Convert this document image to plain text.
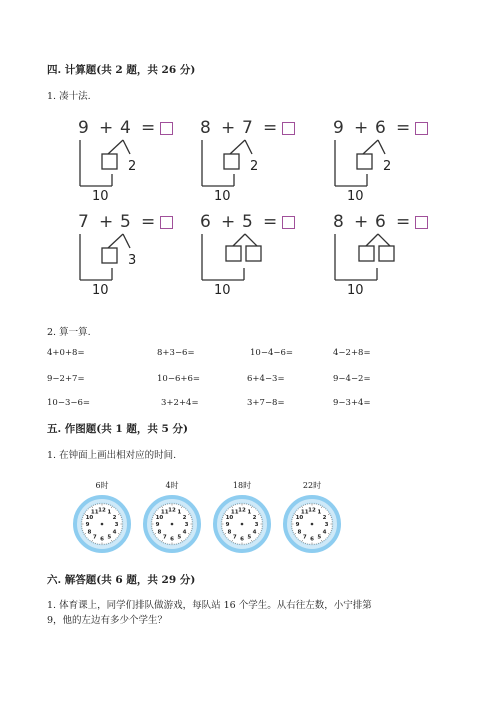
四. 计算题(共 2 题，共 26 分)
1. 凑十法.
9 + 4 =
2
10
8 + 7 =
2
10
9 + 6 =
2
10
7 + 5 =
3
10
6 + 5 =
10
8 + 6 =
10
2. 算一算.
4+0+8=	8+3−6=	10−4−6=	4−2+8=
9−2+7=	10−6+6=	6+4−3=	9−4−2=
10−3−6=	3+2+4=	3+7−8=	9−3+4=
五. 作图题(共 1 题，共 5 分)
1. 在钟面上画出相对应的时间.
6时
12 1
2
3
4
5
6
7
8
9
10
11
4时
12 1
2
3
4
5
6
7
8
9
10
11
18时
12 1
2
3
4
5
6
7
8
9
10
11
22时
12 1
2
3
4
5
6
7
8
9
10
11
六. 解答题(共 6 题，共 29 分)
1. 体育课上，同学们排队做游戏，每队站 16 个学生。从右往左数，小宁排第
9，他的左边有多少个学生？
